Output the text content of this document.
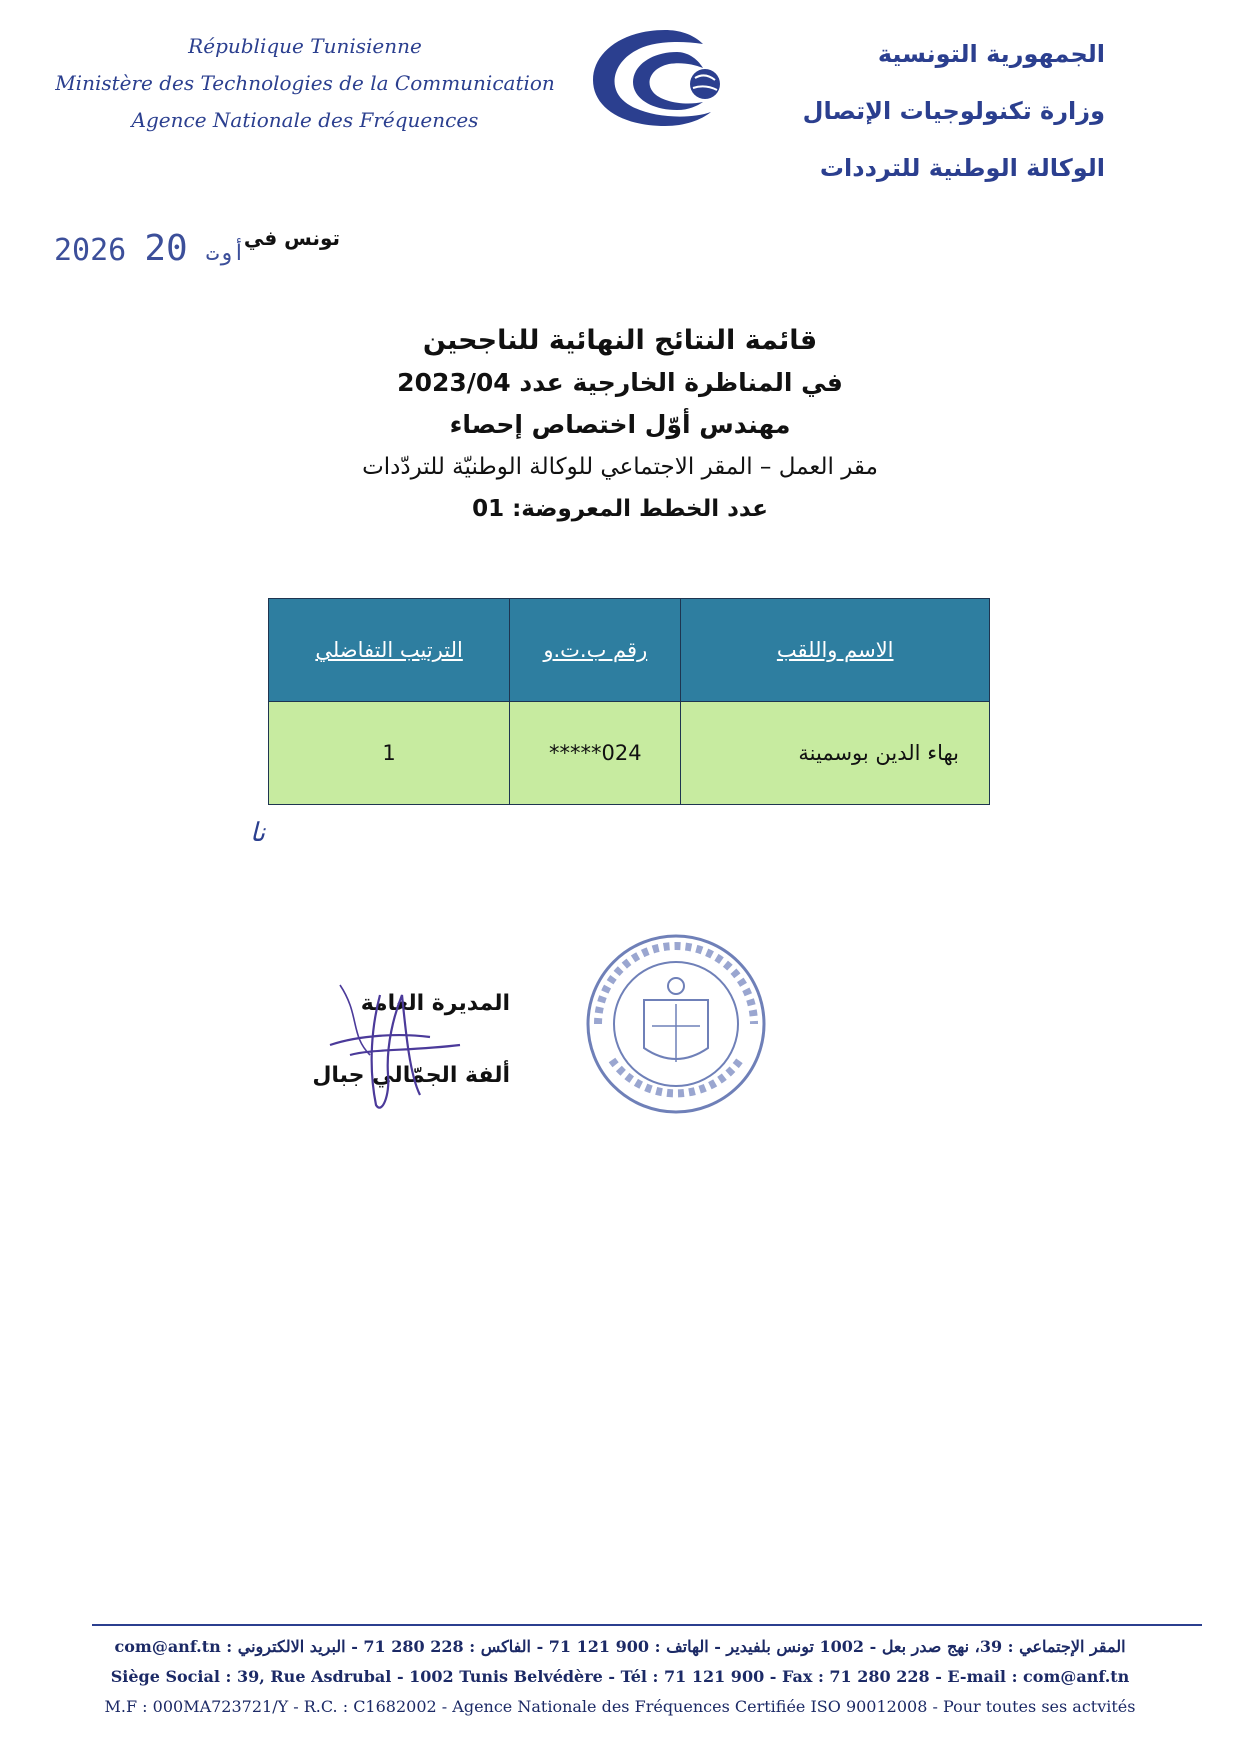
République Tunisienne
Ministère des Technologies de la Communication
Agence Nationale des Fréquences
الجمهورية التونسية
وزارة تكنولوجيات الإتصال
الوكالة الوطنية للترددات
تونس في
2026	أوت 20
قائمة النتائج النهائية للناجحين
في المناظرة الخارجية عدد 2023/04
مهندس أوّل اختصاص إحصاء
مقر العمل – المقر الاجتماعي للوكالة الوطنيّة للتردّدات
عدد الخطط المعروضة: 01
الاسم واللقب	رقم ب.ت.و	الترتيب التفاضلي
بهاء الدين بوسمينة	*****024	1
نا
المديرة العامة
ألفة الجمّالي جبال
المقر الإجتماعي : 39، نهج صدر بعل - 1002 تونس بلفيدير - الهاتف : 900 121 71 - الفاكس : 228 280 71 - البريد الالكتروني : com@anf.tn
Siège Social : 39, Rue Asdrubal - 1002 Tunis Belvédère - Tél : 71 121 900 - Fax : 71 280 228 - E-mail : com@anf.tn
M.F : 000MA723721/Y - R.C. : C1682002 - Agence Nationale des Fréquences Certifiée ISO 90012008 - Pour toutes ses actvités
